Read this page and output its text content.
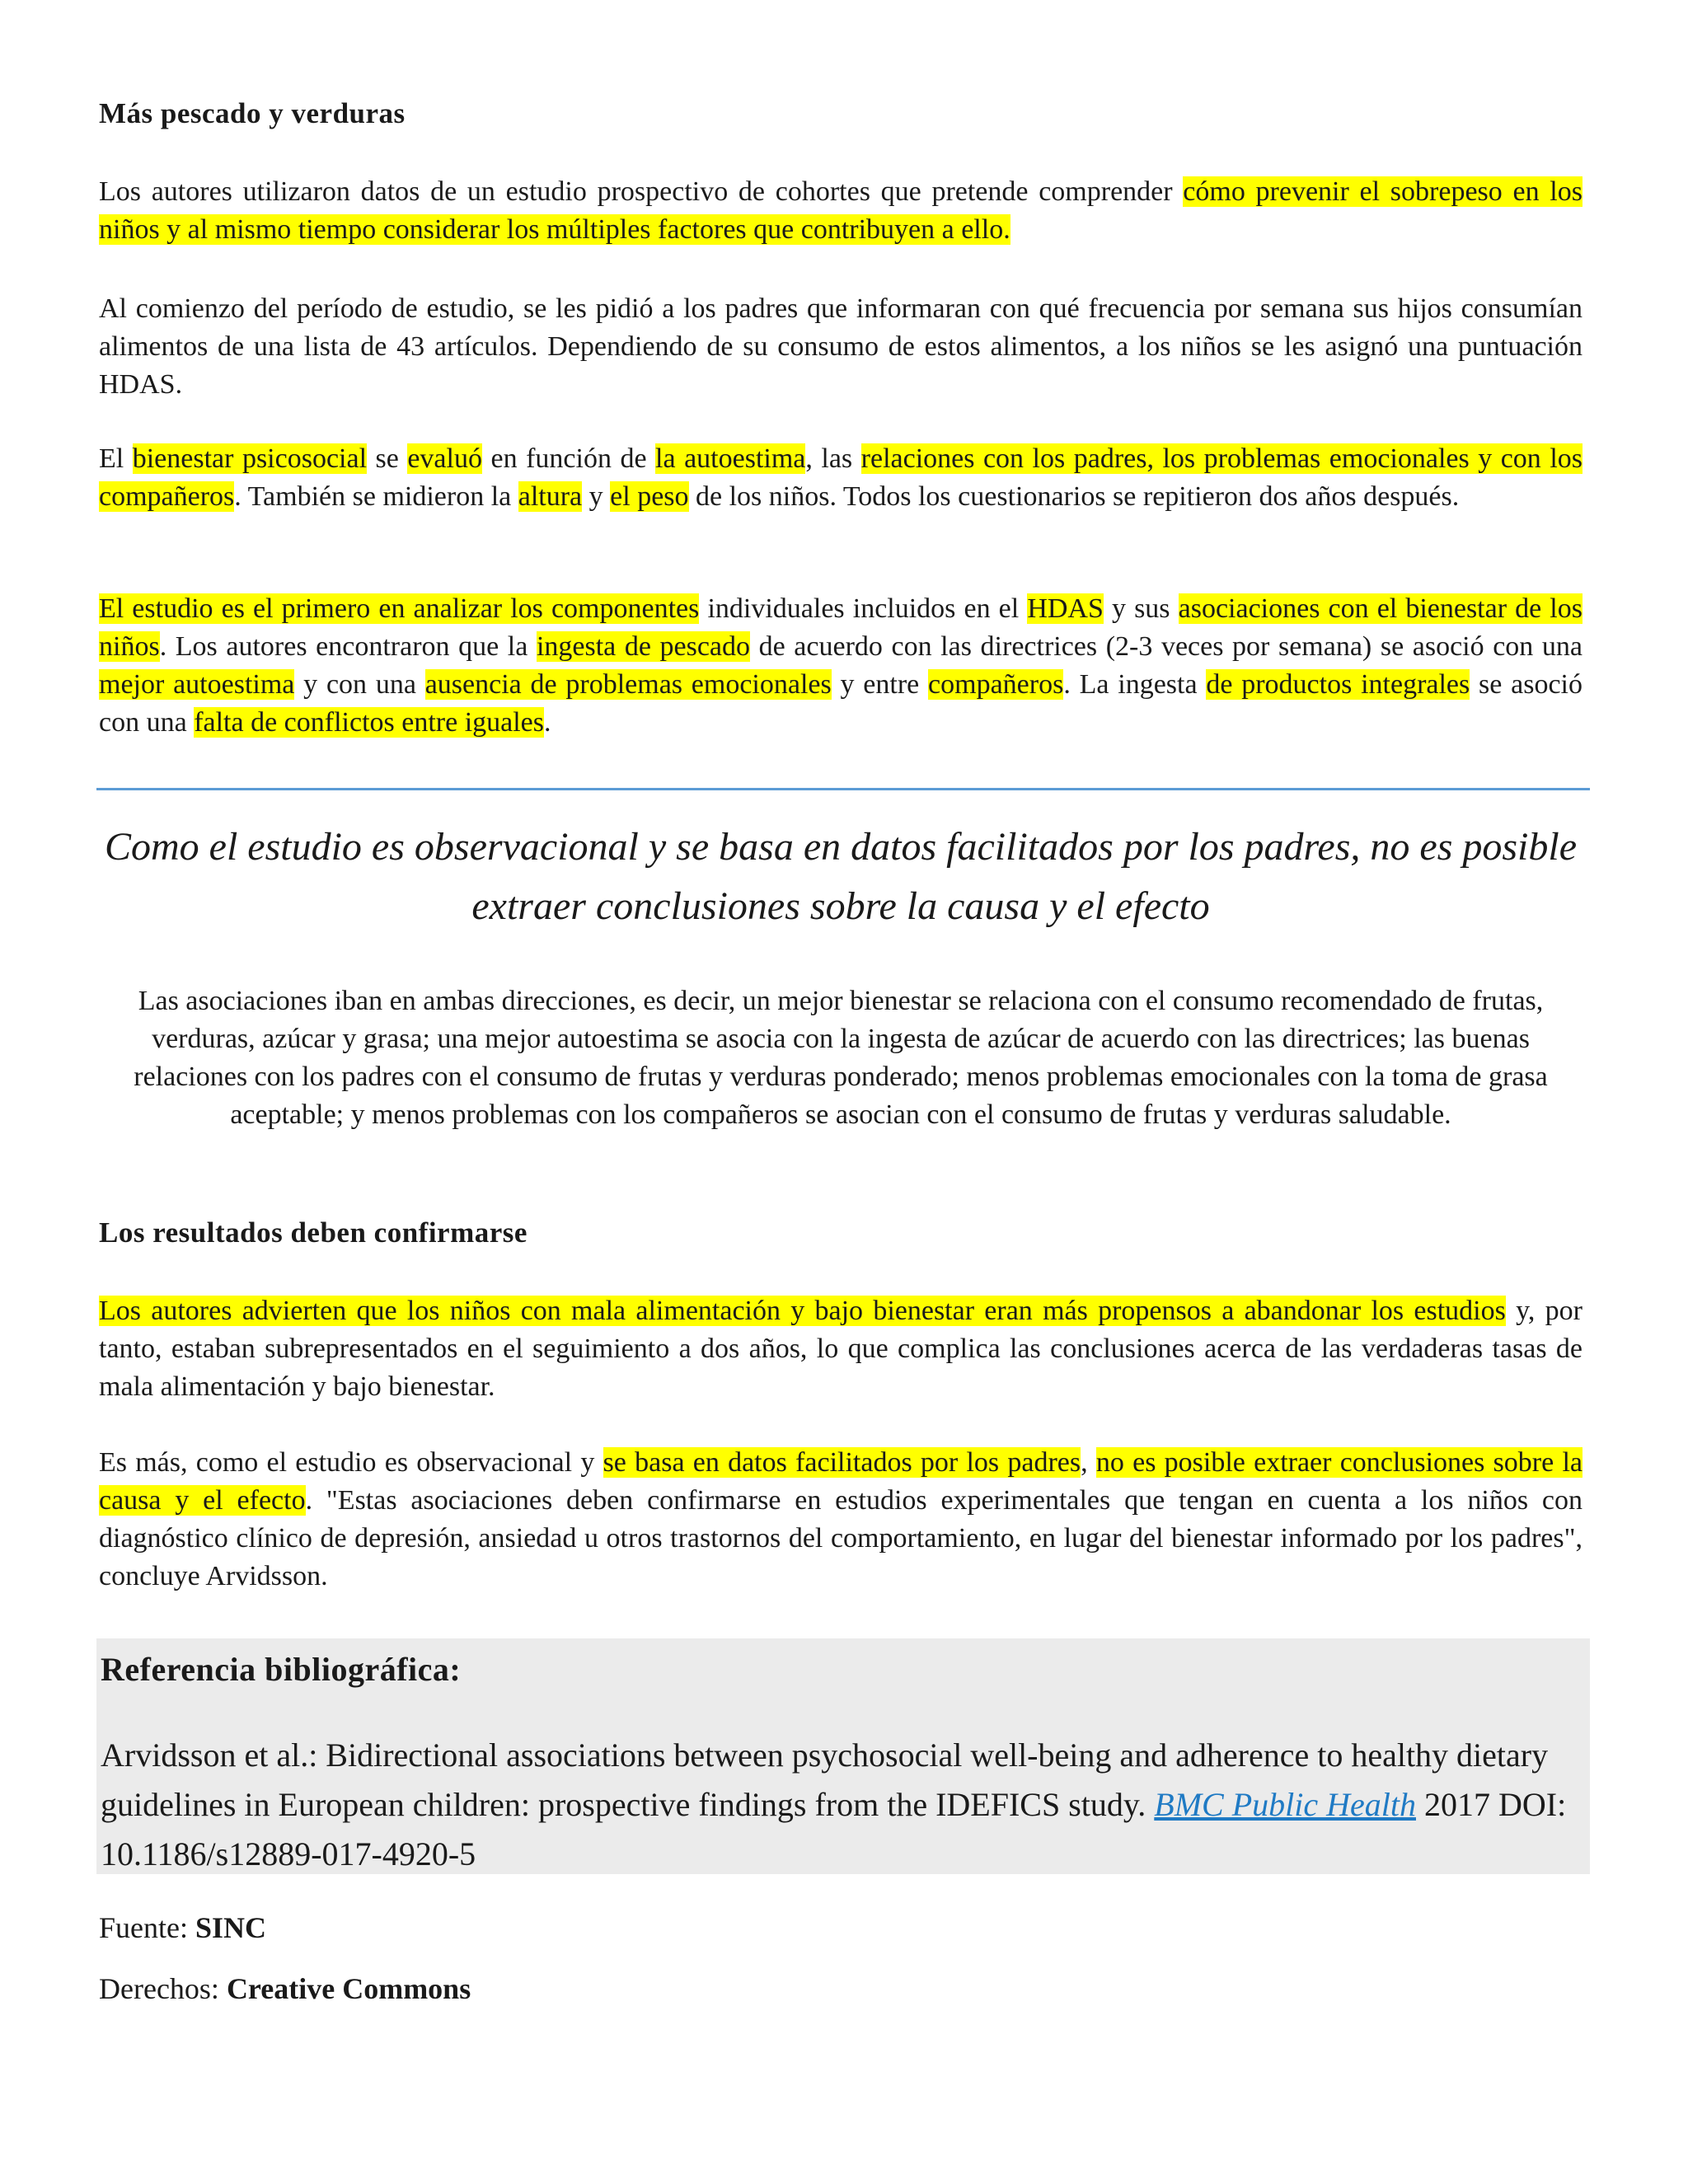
Más pescado y verduras

Los autores utilizaron datos de un estudio prospectivo de cohortes que pretende comprender cómo prevenir el sobrepeso en los niños y al mismo tiempo considerar los múltiples factores que contribuyen a ello.

Al comienzo del período de estudio, se les pidió a los padres que informaran con qué frecuencia por semana sus hijos consumían alimentos de una lista de 43 artículos. Dependiendo de su consumo de estos alimentos, a los niños se les asignó una puntuación HDAS.

El bienestar psicosocial se evaluó en función de la autoestima, las relaciones con los padres, los problemas emocionales y con los compañeros. También se midieron la altura y el peso de los niños. Todos los cuestionarios se repitieron dos años después.

El estudio es el primero en analizar los componentes individuales incluidos en el HDAS y sus asociaciones con el bienestar de los niños. Los autores encontraron que la ingesta de pescado de acuerdo con las directrices (2-3 veces por semana) se asoció con una mejor autoestima y con una ausencia de problemas emocionales y entre compañeros. La ingesta de productos integrales se asoció con una falta de conflictos entre iguales.

Como el estudio es observacional y se basa en datos facilitados por los padres, no es posible extraer conclusiones sobre la causa y el efecto

Las asociaciones iban en ambas direcciones, es decir, un mejor bienestar se relaciona con el consumo recomendado de frutas, verduras, azúcar y grasa; una mejor autoestima se asocia con la ingesta de azúcar de acuerdo con las directrices; las buenas relaciones con los padres con el consumo de frutas y verduras ponderado; menos problemas emocionales con la toma de grasa aceptable; y menos problemas con los compañeros se asocian con el consumo de frutas y verduras saludable.

Los resultados deben confirmarse

Los autores advierten que los niños con mala alimentación y bajo bienestar eran más propensos a abandonar los estudios y, por tanto, estaban subrepresentados en el seguimiento a dos años, lo que complica las conclusiones acerca de las verdaderas tasas de mala alimentación y bajo bienestar.

Es más, como el estudio es observacional y se basa en datos facilitados por los padres, no es posible extraer conclusiones sobre la causa y el efecto. "Estas asociaciones deben confirmarse en estudios experimentales que tengan en cuenta a los niños con diagnóstico clínico de depresión, ansiedad u otros trastornos del comportamiento, en lugar del bienestar informado por los padres", concluye Arvidsson.

Referencia bibliográfica:

Arvidsson et al.: Bidirectional associations between psychosocial well-being and adherence to healthy dietary guidelines in European children: prospective findings from the IDEFICS study. BMC Public Health 2017 DOI: 10.1186/s12889-017-4920-5

Fuente: SINC

Derechos: Creative Commons
